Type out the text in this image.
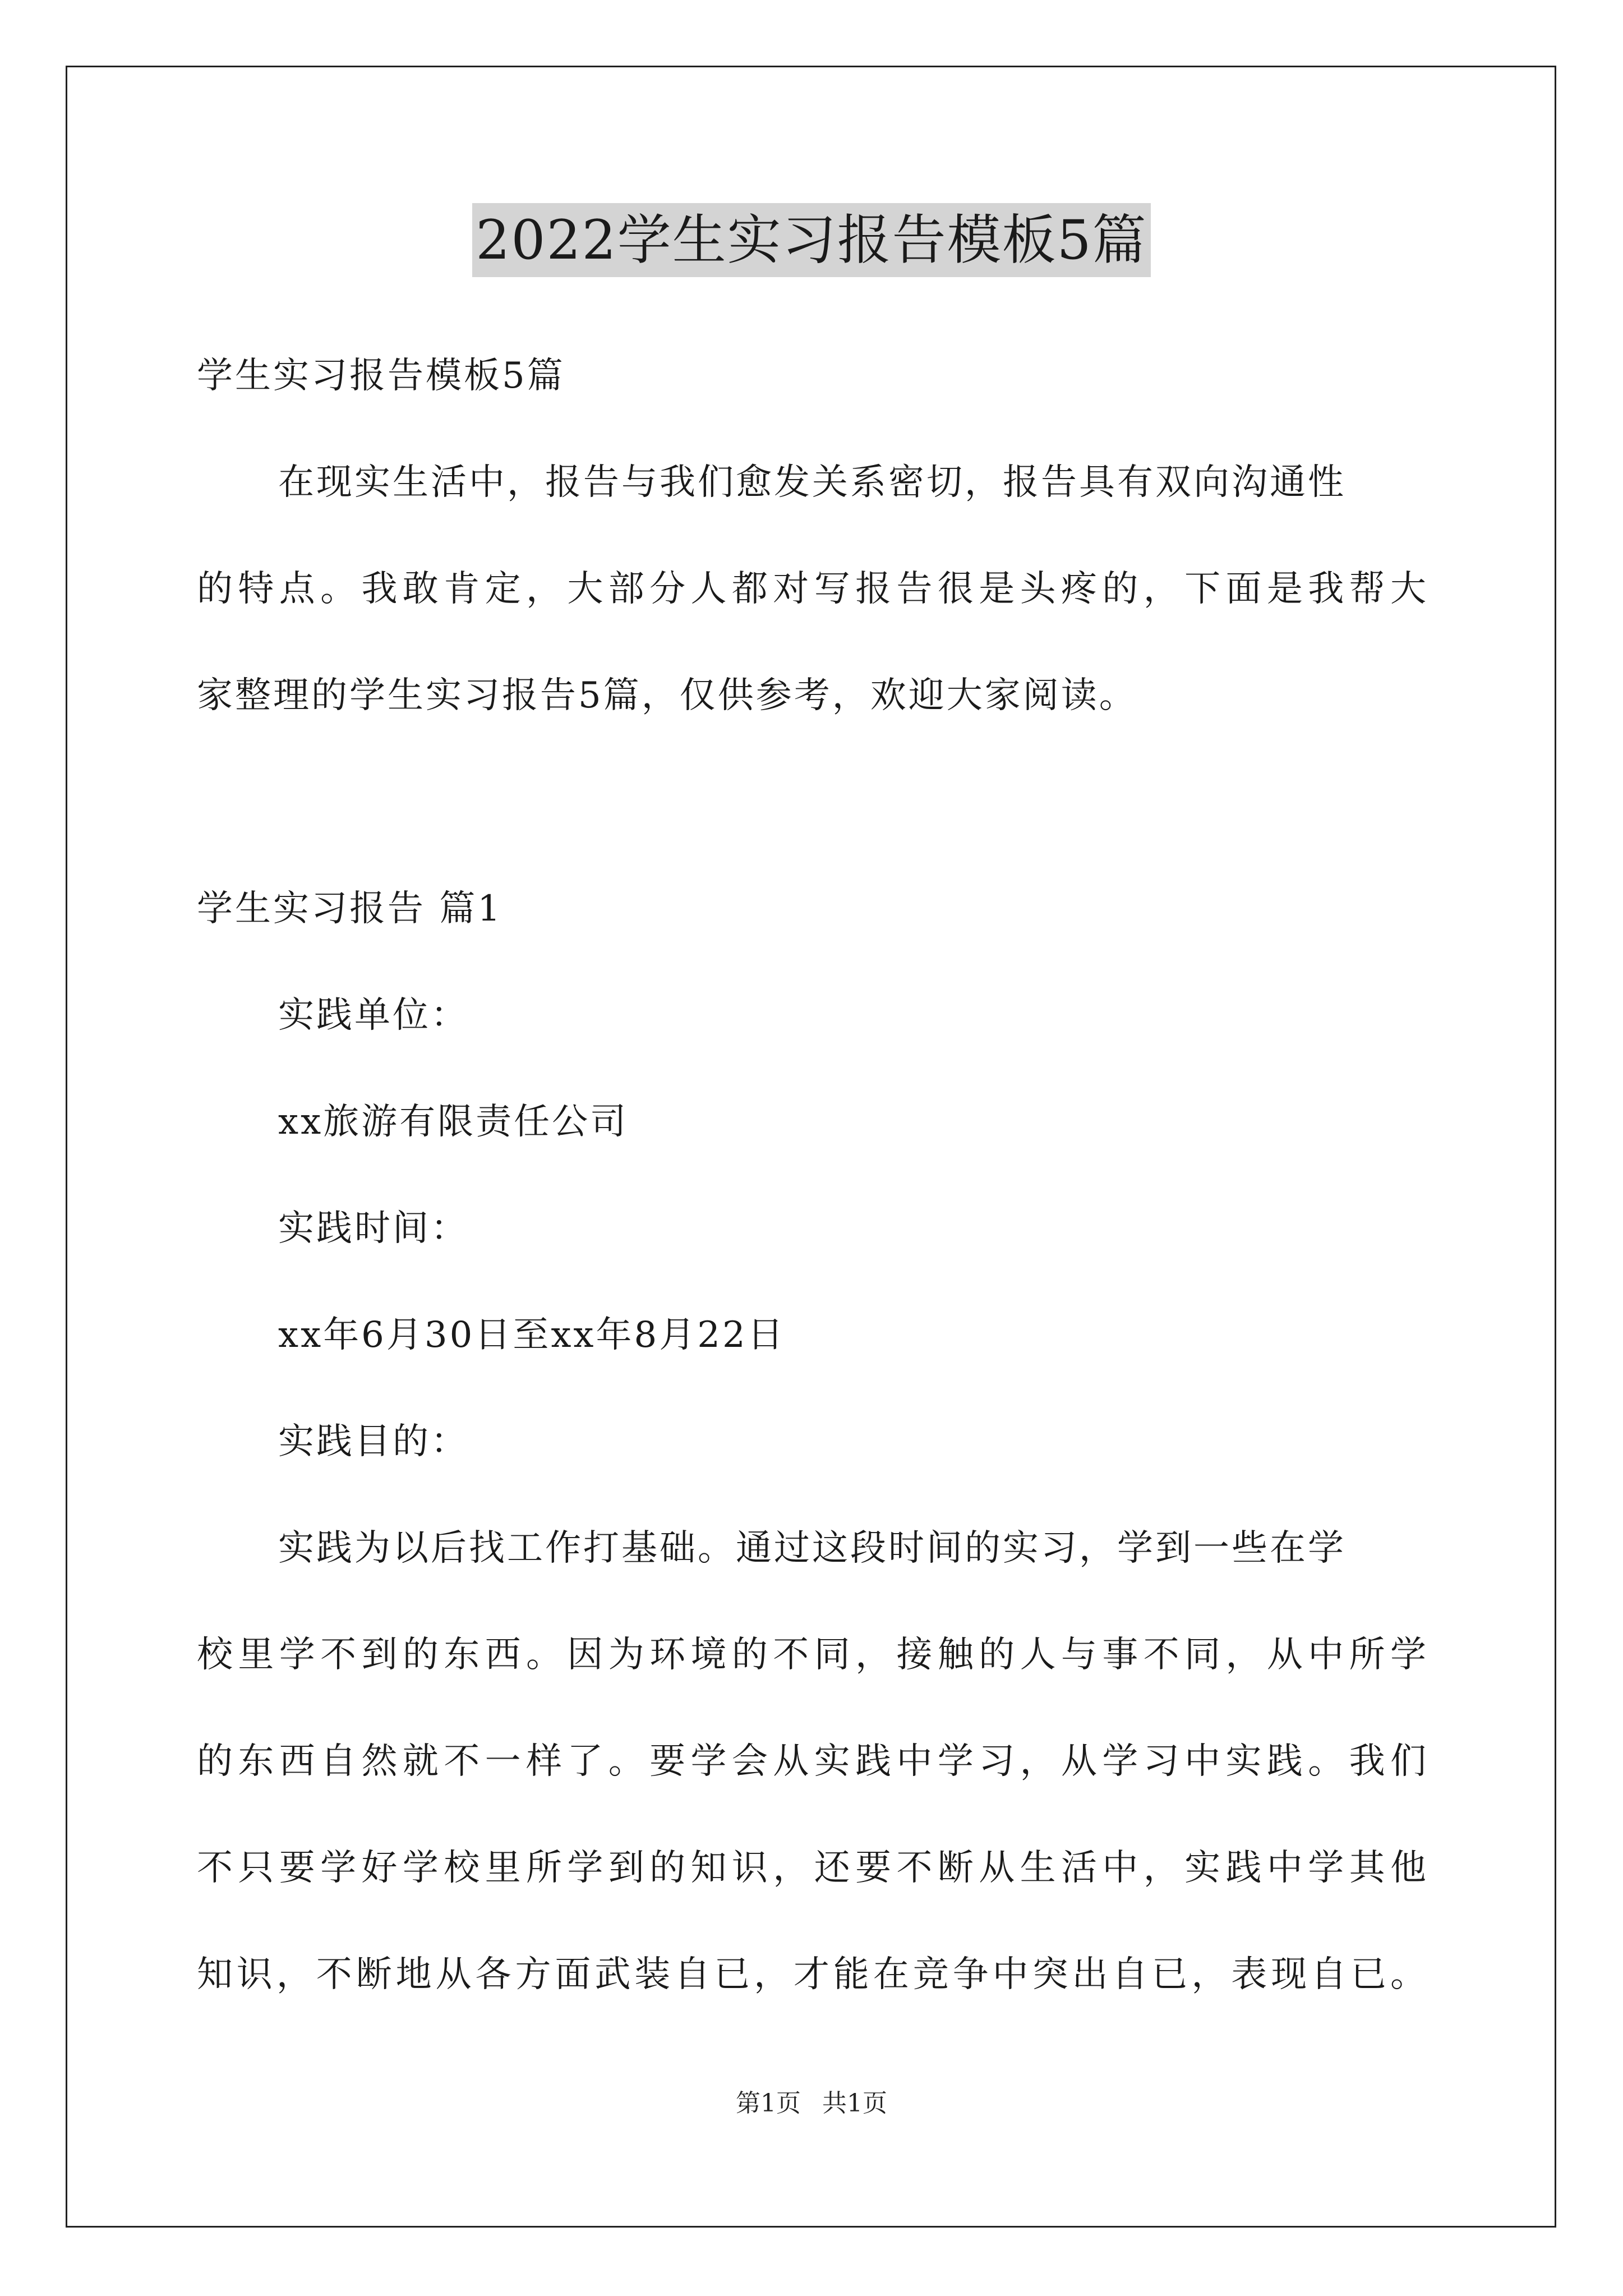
2022学生实习报告模板5篇
学生实习报告模板5篇
在现实生活中，报告与我们愈发关系密切，报告具有双向沟通性
的特点。我敢肯定，大部分人都对写报告很是头疼的，下面是我帮大
家整理的学生实习报告5篇，仅供参考，欢迎大家阅读。
学生实习报告 篇1
实践单位：
xx旅游有限责任公司
实践时间：
xx年6月30日至xx年8月22日
实践目的：
实践为以后找工作打基础。通过这段时间的实习，学到一些在学
校里学不到的东西。因为环境的不同，接触的人与事不同，从中所学
的东西自然就不一样了。要学会从实践中学习，从学习中实践。我们
不只要学好学校里所学到的知识，还要不断从生活中，实践中学其他
知识，不断地从各方面武装自已，才能在竞争中突出自已，表现自已。
第1页 共1页
